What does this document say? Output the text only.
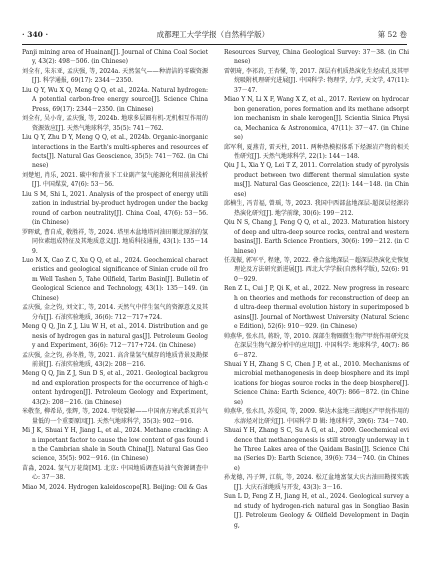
· 340 ·	成都理工大学学报（自然科学版）	第 52 卷

Panji mining area of Huainan[J]. Journal of China Coal Society, 43(2): 498－506. (in Chinese)

刘全有, 朱东亚, 孟庆强, 等, 2024a. 天然氢气——种清洁的零碳资源[J]. 科学通报, 69(17): 2344－2350.

Liu Q Y, Wu X Q, Meng Q Q, et al., 2024a. Natural hydrogen: A potential carbon-free energy source[J]. Science China Press, 69(17): 2344－2350. (in Chinese)

刘全有, 吴小奇, 孟庆强, 等, 2024b. 地球多层圈有机-无机相互作用的资源效应[J]. 天然气地球科学, 35(5): 741－762.

Liu Q Y, Zhu D Y, Meng Q Q, et al., 2024b. Organic-inorganic interactions in the Earth's multi-spheres and resources effects[J]. Natural Gas Geoscience, 35(5): 741－762. (in Chinese)

刘楚旭, 肖乐, 2021. 碳中和背景下工业副产氢气能源化利用前景浅析[J]. 中国煤炭, 47(6): 53－56.

Liu S M, Shi L, 2021. Analysis of the prospect of energy utilization in industrial by-product hydrogen under the background of carbon neutrality[J]. China Coal, 47(6): 53－56. (in Chinese)

罗晖斌, 曹自成, 敬胜祥, 等, 2024. 塔里木盆地塔河油田顺北原油的氢同位素组成特征及其地质意义[J]. 地质科技通报, 43(1): 135－149.

Luo M X, Cao Z C, Xu Q Q, et al., 2024. Geochemical characteristics and geological significance of Sinian crude oil from Well Tashen 5, Tahe Oilfield, Tarim Basin[J]. Bulletin of Geological Science and Technology, 43(1): 135－149. (in Chinese)

孟庆强, 金之钧, 刘文汇, 等, 2014. 天然气中伴生氢气的资源意义及其分布[J]. 石油实验地质, 36(6): 712－717+724.

Meng Q Q, Jin Z J, Liu W H, et al., 2014. Distribution and genesis of hydrogen gas in natural gas[J]. Petroleum Geology and Experiment, 36(6): 712－717+724. (in Chinese)

孟庆强, 金之钧, 孙冬胜, 等, 2021. 高含量氢气赋存的地质背景及勘探前景[J]. 石油实验地质, 43(2): 208－216.

Meng Q Q, Jin Z J, Sun D S, et al., 2021. Geological background and exploration prospects for the occurrence of high-content hydrogen[J]. Petroleum Geology and Experiment, 43(2): 208－216. (in Chinese)

米敬奎, 柳希昂, 张辉, 等, 2024. 甲烷裂解——中国南方寒武系页岩气量低的一个重要原因[J]. 天然气地球科学, 35(3): 902－916.

Mi J K, Shuai Y H, Jiang L, et al., 2024. Methane cracking: An important factor to cause the low content of gas found in the Cambrian shale in South China[J]. Natural Gas Geoscience, 35(5): 902－916. (in Chinese)

苗淼, 2024. 氢气万花筒[M]. 北京: 中国地质调查局油气资源调查中心: 37－38.

Miao M, 2024. Hydrogen kaleidoscope[R]. Beijing: Oil & Gas

Resources Survey, China Geological Survey: 37－38. (in Chinese)

雷朝琦, 李祁岩, 王杏懂, 等, 2017. 深层有机质热演化生烃成孔及其甲烷吸附机理研究进展[J]. 中国科学: 物理学, 力学, 天文学, 47(11): 37－47.

Miao Y N, Li X F, Wang X Z, et al., 2017. Review on hydrocarbon generation, pores formation and its methane adsorption mechanism in shale kerogen[J]. Scientia Sinica Physica, Mechanica & Astronomica, 47(11): 37－47. (in Chinese)

邱军利, 夏燕青, 雷天柱, 2011. 两种热模拟体系下烃源岩产物的相关性研究[J]. 天然气地球科学, 22(1): 144－148.

Qiu J L, Xia Y Q, Lei T Z, 2011. Correlation study of pyrolysis product between two different thermal simulation systems[J]. Natural Gas Geoscience, 22(1): 144－148. (in Chinese)

邱楠生, 冯青福, 曾瑶, 等, 2023. 我国中西部盆地深层-超深层烃源岩热演化研究[J]. 地学前缘, 30(6): 199－212.

Qiu N S, Chang J, Feng Q Q, et al., 2023. Maturation history of deep and ultra-deep source rocks, central and western basins[J]. Earth Science Frontiers, 30(6): 199－212. (in Chinese)

任茂振, 郭军平, 程建, 等, 2022. 叠合盆地深层－超深层热演化史恢复理论及方法研究新进展[J]. 西北大学学报(自然科学版), 52(6): 910－929.

Ren Z L, Cui J P, Qi K, et al., 2022. New progress in research on theories and methods for reconstruction of deep and ultra-deep thermal evolution history in superimposed basins[J]. Journal of Northwest University (Natural Science Edition), 52(6): 910－929. (in Chinese)

帅燕华, 张水昌, 蒋盼, 等, 2010. 深部生物圈微生物产甲烷作用研究及在深层生物气源分析中的应用[J]. 中国科学: 地球科学, 40(7): 866－872.

Shuai Y H, Zhang S C, Chen J P, et al., 2010. Mechanisms of microbial methanogenesis in deep biosphere and its implications for biogas source rocks in the deep biosphere[J]. Science China: Earth Science, 40(7): 866－872. (in Chinese)

帅燕华, 张水昌, 苏爱国, 等, 2009. 柴达木盆地三湖地区产甲烷作用的水溶烃对比研究[J]. 中国科学 D 辑: 地球科学, 39(6): 734－740.

Shuai Y H, Zhang S C, Su A G, et al., 2009. Geochemical evidence that methanogenesis is still strongly underway in the Three Lakes area of the Qaidam Basin[J]. Science China (Series D): Earth Science, 39(6): 734－740. (in Chinese)

孙龙德, 冯子辉, 江航, 等, 2024. 松辽盆地富氢大庆古油田勘探实践[J]. 大庆石油地质与开发, 43(3): 3－16.

Sun L D, Feng Z H, Jiang H, et al., 2024. Geological survey and study of hydrogen-rich natural gas in Songliao Basin[J]. Petroleum Geology & Oilfield Development in Daqing,
